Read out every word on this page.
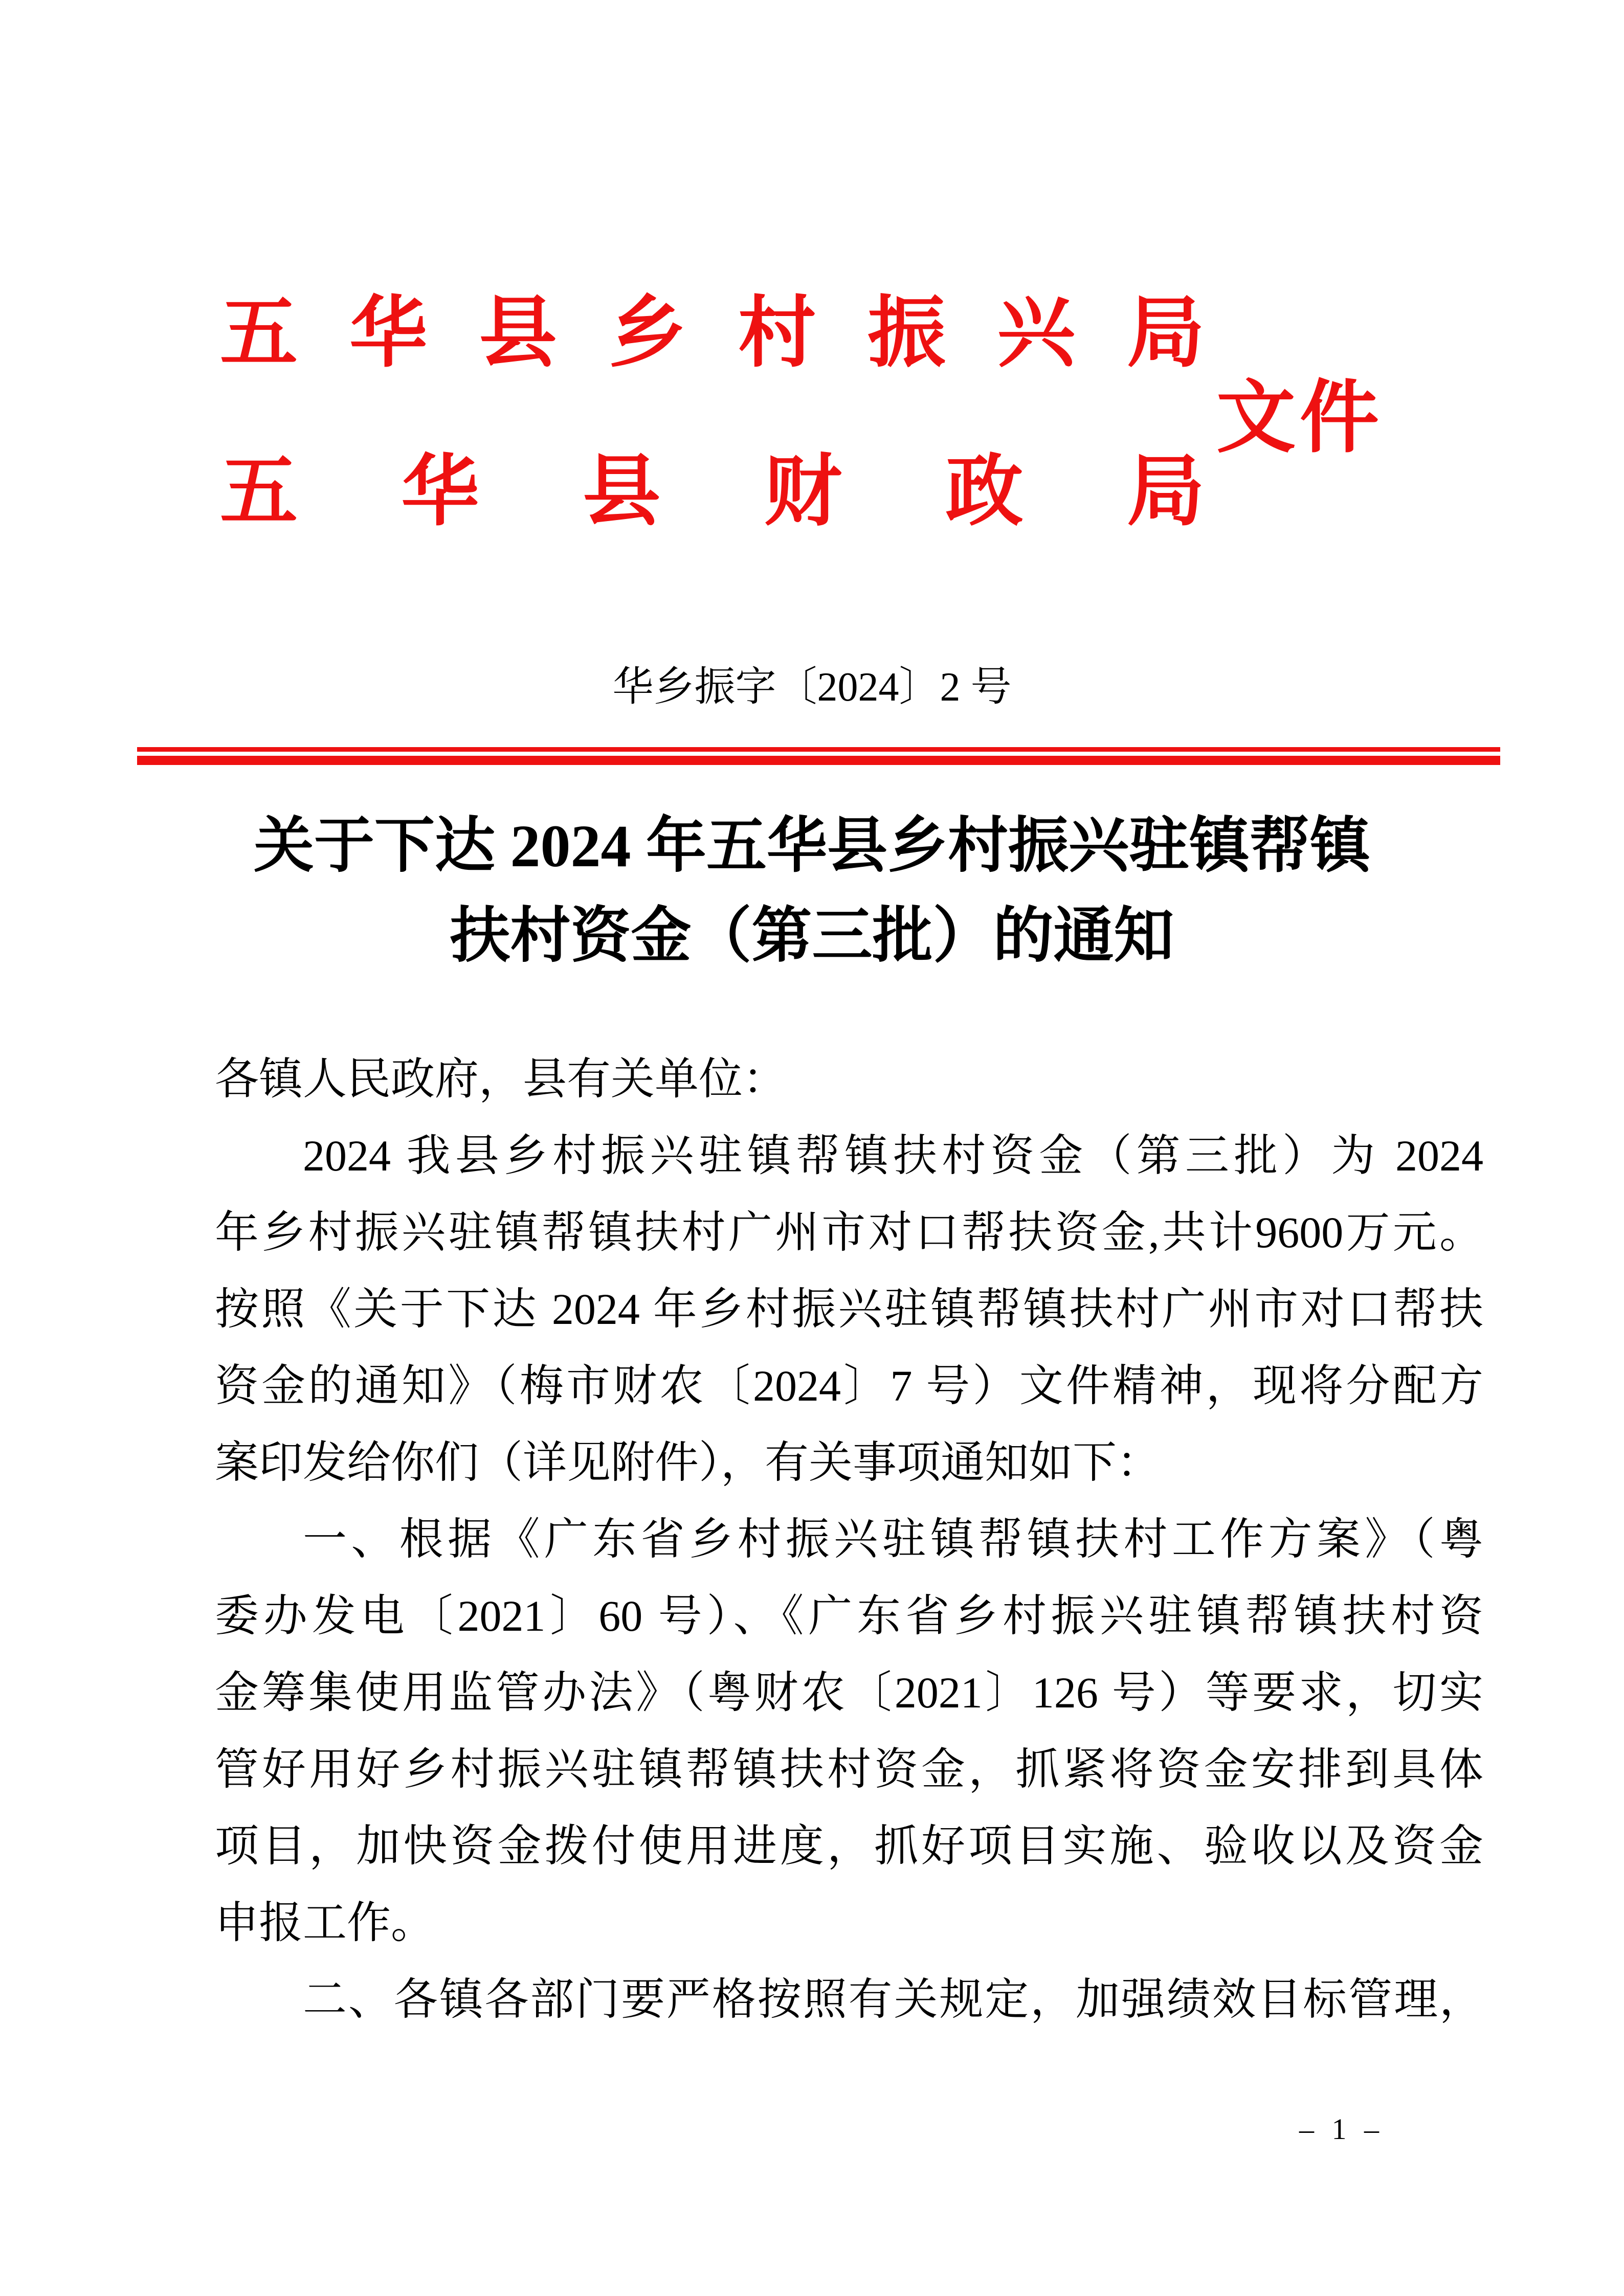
五华县乡村振兴局
五华县财政局
文件
华乡振字〔2024〕2 号
关于下达 2024 年五华县乡村振兴驻镇帮镇
扶村资金（第三批）的通知
各镇人民政府，县有关单位：
2024 我县乡村振兴驻镇帮镇扶村资金（第三批）为 2024
年乡村振兴驻镇帮镇扶村广州市对口帮扶资金,共计9600万元。
按照《关于下达 2024 年乡村振兴驻镇帮镇扶村广州市对口帮扶
资金的通知》（梅市财农〔2024〕7 号）文件精神，现将分配方
案印发给你们（详见附件），有关事项通知如下：
一、根据《广东省乡村振兴驻镇帮镇扶村工作方案》（粤
委办发电〔2021〕60 号）、《广东省乡村振兴驻镇帮镇扶村资
金筹集使用监管办法》（粤财农〔2021〕126 号）等要求，切实
管好用好乡村振兴驻镇帮镇扶村资金，抓紧将资金安排到具体
项目，加快资金拨付使用进度，抓好项目实施、验收以及资金
申报工作。
二、各镇各部门要严格按照有关规定，加强绩效目标管理，
– 1 –
